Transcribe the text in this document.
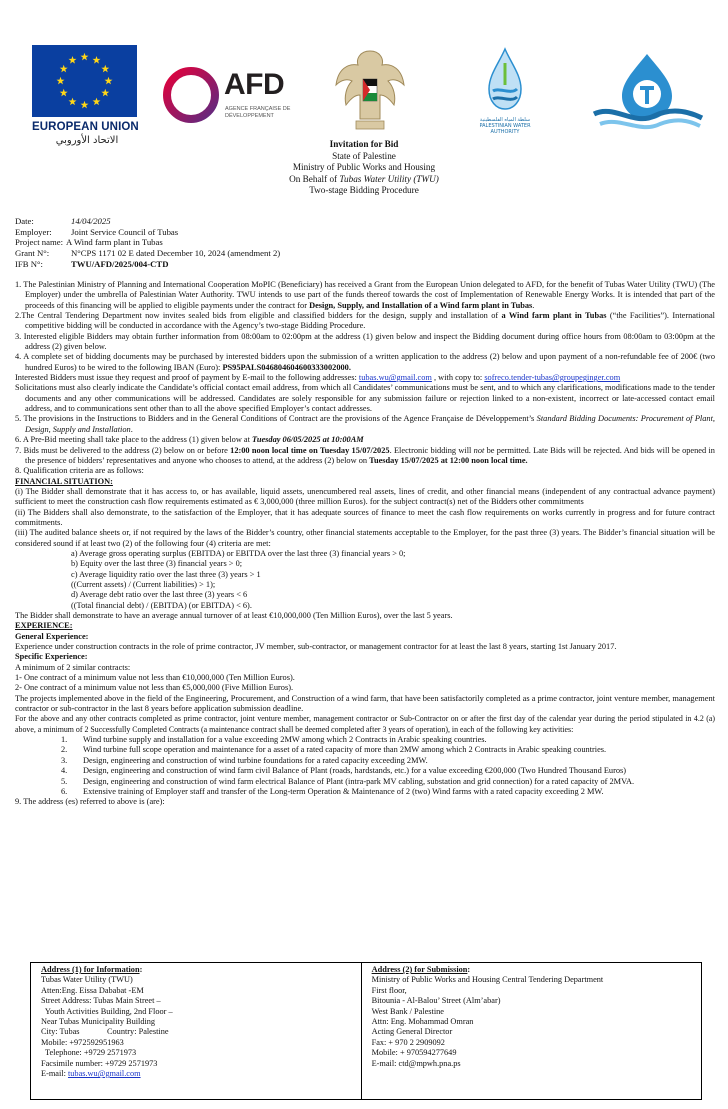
EUROPEAN UNION
الاتحاد الأوروبي
AFD
AGENCE FRANÇAISE DE DÉVELOPPEMENT
سلطة المياه الفلسطينية PALESTINIAN WATER AUTHORITY
Invitation for Bid
State of Palestine
Ministry of Public Works and Housing
On Behalf of Tubas Water Utility (TWU)
Two-stage Bidding Procedure
Date:	14/04/2025
Employer:	Joint Service Council of Tubas
Project name: A Wind farm plant in Tubas
Grant N°:	N°CPS 1171 02 E dated December 10, 2024 (amendment 2)
IFB N°:	TWU/AFD/2025/004-CTD

1. The Palestinian Ministry of Planning and International Cooperation MoPIC (Beneficiary) has received a Grant from the European Union delegated to AFD, for the benefit of Tubas Water Utility (TWU) (The Employer) under the umbrella of Palestinian Water Authority. TWU intends to use part of the funds thereof towards the cost of Implementation of Renewable Energy Works. It is intended that part of the proceeds of this financing will be applied to eligible payments under the contract for Design, Supply, and Installation of a Wind farm plant in Tubas.

2.The Central Tendering Department now invites sealed bids from eligible and classified bidders for the design, supply and installation of a Wind farm plant in Tubas (“the Facilities”). International competitive bidding will be conducted in accordance with the Agency’s two-stage Bidding Procedure.

3. Interested eligible Bidders may obtain further information from 08:00am to 02:00pm at the address (1) given below and inspect the Bidding document during office hours from 08:00am to 03:00pm at the address (2) given below.

4. A complete set of bidding documents may be purchased by interested bidders upon the submission of a written application to the address (2) below and upon payment of a non-refundable fee of 200€ (two hundred Euros) to be wired to the following IBAN (Euro): PS95PALS046804604600333002000.

Interested Bidders must issue they request and proof of payment by E-mail to the following addresses: tubas.wu@gmail.com , with copy to: sofreco.tender-tubas@groupeginger.com

Solicitations must also clearly indicate the Candidate’s official contact email address, from which all Candidates’ communications must be sent, and to which any clarifications, modifications made to the tender documents and any other communications will be addressed. Candidates are solely responsible for any submission failure or rejection linked to a non-existent, incorrect or late-accessed contact email address, and to communications sent other than to all the above specified Employer’s contact addresses.

5. The provisions in the Instructions to Bidders and in the General Conditions of Contract are the provisions of the Agence Française de Développement’s Standard Bidding Documents: Procurement of Plant, Design, Supply and Installation.

6. A Pre-Bid meeting shall take place to the address (1) given below at Tuesday 06/05/2025 at 10:00AM

7. Bids must be delivered to the address (2) below on or before 12:00 noon local time on Tuesday 15/07/2025. Electronic bidding will not be permitted. Late Bids will be rejected. And bids will be opened in the presence of bidders’ representatives and anyone who chooses to attend, at the address (2) below on Tuesday 15/07/2025 at 12:00 noon local time.

8. Qualification criteria are as follows:

FINANCIAL SITUATION:

(i) The Bidder shall demonstrate that it has access to, or has available, liquid assets, unencumbered real assets, lines of credit, and other financial means (independent of any contractual advance payment) sufficient to meet the construction cash flow requirements estimated as € 3,000,000 (three million Euros). for the subject contract(s) net of the Bidders other commitments

(ii) The Bidders shall also demonstrate, to the satisfaction of the Employer, that it has adequate sources of finance to meet the cash flow requirements on works currently in progress and for future contract commitments.

(iii) The audited balance sheets or, if not required by the laws of the Bidder’s country, other financial statements acceptable to the Employer, for the past three (3) years. The Bidder’s financial situation will be considered sound if at least two (2) of the following four (4) criteria are met:

a) Average gross operating surplus (EBITDA) or EBITDA over the last three (3) financial years > 0;

b) Equity over the last three (3) financial years > 0;

c) Average liquidity ratio over the last three (3) years > 1

((Current assets) / (Current liabilities) > 1);

d) Average debt ratio over the last three (3) years < 6

((Total financial debt) / (EBITDA) (or EBITDA) < 6).

The Bidder shall demonstrate to have an average annual turnover of at least €10,000,000 (Ten Million Euros), over the last 5 years.

EXPERIENCE:

General Experience:

Experience under construction contracts in the role of prime contractor, JV member, sub-contractor, or management contractor for at least the last 8 years, starting 1st January 2017.

Specific Experience:

A minimum of 2 similar contracts:

1- One contract of a minimum value not less than €10,000,000 (Ten Million Euros).

2- One contract of a minimum value not less than €5,000,000 (Five Million Euros).

The projects implemented above in the field of the Engineering, Procurement, and Construction of a wind farm, that have been satisfactorily completed as a prime contractor, joint venture member, management contractor or sub-contractor in the last 8 years before application submission deadline.

For the above and any other contracts completed as prime contractor, joint venture member, management contractor or Sub-Contractor on or after the first day of the calendar year during the period stipulated in 4.2 (a) above, a minimum of 2 Successfully Completed Contracts (a maintenance contract shall be deemed completed after 3 years of operation), in each of the following key activities:

1.	Wind turbine supply and installation for a value exceeding 2MW among which 2 Contracts in Arabic speaking countries.
2.	Wind turbine full scope operation and maintenance for a asset of a rated capacity of more than 2MW among which 2 Contracts in Arabic speaking countries.
3.	Design, engineering and construction of wind turbine foundations for a rated capacity exceeding 2MW.
4.	Design, engineering and construction of wind farm civil Balance of Plant (roads, hardstands, etc.) for a value exceeding €200,000 (Two Hundred Thousand Euros)
5.	Design, engineering and construction of wind farm electrical Balance of Plant (intra-park MV cabling, substation and grid connection) for a rated capacity of 2MVA.
6.	Extensive training of Employer staff and transfer of the Long-term Operation & Maintenance of 2 (two) Wind farms with a rated capacity exceeding 2 MW.

9. The address (es) referred to above is (are):

Address (1) for Information:
Tubas Water Utility (TWU)
Atten:Eng. Eissa Dababat -EM
Street Address: Tubas Main Street –
Youth Activities Building, 2nd Floor –
Near Tubas Municipality Building
City: Tubas	Country: Palestine
Mobile: +972592951963
Telephone: +9729 2571973
Facsimile number: +9729 2571973
E-mail: tubas.wu@gmail.com
Address (2) for Submission:
Ministry of Public Works and Housing Central Tendering Department
First floor,
Bitounia - Al-Balou’ Street (Alm’abar)
West Bank / Palestine
Attn: Eng. Mohammad Omran
Acting General Director
Fax: + 970 2 2909092
Mobile: + 970594277649
E-mail: ctd@mpwh.pna.ps
